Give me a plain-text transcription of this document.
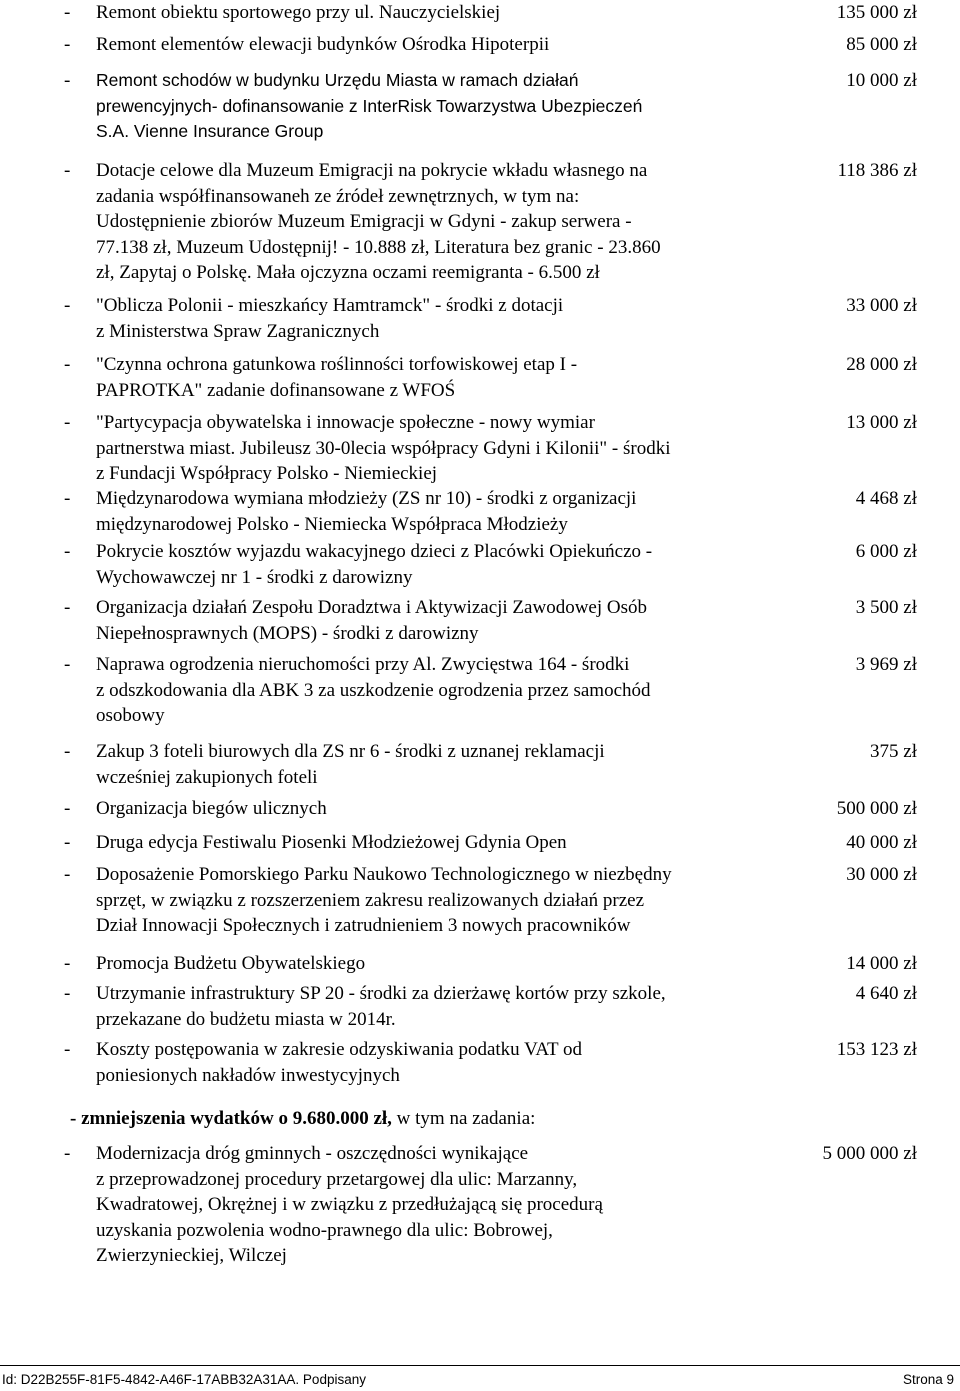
- Remont obiektu sportowego przy ul. Nauczycielskiej	135 000 zł
- Remont elementów elewacji budynków Ośrodka Hipoterpii	85 000 zł
- Remont schodów w budynku Urzędu Miasta w ramach działań
prewencyjnych- dofinansowanie z InterRisk Towarzystwa Ubezpieczeń
S.A. Vienne Insurance Group
10 000 zł
- Dotacje celowe dla Muzeum Emigracji na pokrycie wkładu własnego na
zadania współfinansowaneh ze źródeł zewnętrznych, w tym na:
Udostępnienie zbiorów Muzeum Emigracji w Gdyni - zakup serwera -
77.138 zł, Muzeum Udostępnij! - 10.888 zł, Literatura bez granic - 23.860
zł, Zapytaj o Polskę. Mała ojczyzna oczami reemigranta - 6.500 zł
118 386 zł
- "Oblicza Polonii - mieszkańcy Hamtramck" - środki z dotacji
z Ministerstwa Spraw Zagranicznych
33 000 zł
- "Czynna ochrona gatunkowa roślinności torfowiskowej etap I -
PAPROTKA" zadanie dofinansowane z WFOŚ
28 000 zł
- "Partycypacja obywatelska i innowacje społeczne - nowy wymiar
partnerstwa miast. Jubileusz 30-0lecia współpracy Gdyni i Kilonii" - środki
z Fundacji Współpracy Polsko - Niemieckiej
13 000 zł
- Międzynarodowa wymiana młodzieży (ZS nr 10) - środki z organizacji
międzynarodowej Polsko - Niemiecka Współpraca Młodzieży
4 468 zł
- Pokrycie kosztów wyjazdu wakacyjnego dzieci z Placówki Opiekuńczo -
Wychowawczej nr 1 - środki z darowizny
6 000 zł
- Organizacja działań Zespołu Doradztwa i Aktywizacji Zawodowej Osób
Niepełnosprawnych (MOPS) - środki z darowizny
3 500 zł
- Naprawa ogrodzenia nieruchomości przy Al. Zwycięstwa 164 - środki
z odszkodowania dla ABK 3 za uszkodzenie ogrodzenia przez samochód
osobowy
3 969 zł
- Zakup 3 foteli biurowych dla ZS nr 6 - środki z uznanej reklamacji
wcześniej zakupionych foteli
375 zł
- Organizacja biegów ulicznych	500 000 zł
- Druga edycja Festiwalu Piosenki Młodzieżowej Gdynia Open	40 000 zł
- Doposażenie Pomorskiego Parku Naukowo Technologicznego w niezbędny
sprzęt, w związku z rozszerzeniem zakresu realizowanych działań przez
Dział Innowacji Społecznych i zatrudnieniem 3 nowych pracowników
30 000 zł
- Promocja Budżetu Obywatelskiego	14 000 zł
- Utrzymanie infrastruktury SP 20 - środki za dzierżawę kortów przy szkole,
przekazane do budżetu miasta w 2014r.
4 640 zł
- Koszty postępowania w zakresie odzyskiwania podatku VAT od
poniesionych nakładów inwestycyjnych
153 123 zł
- zmniejszenia wydatków o 9.680.000 zł, w tym na zadania:
- Modernizacja dróg gminnych - oszczędności wynikające
z przeprowadzonej procedury przetargowej dla ulic: Marzanny,
Kwadratowej, Okrężnej i w związku z przedłużającą się procedurą
uzyskania pozwolenia wodno-prawnego dla ulic: Bobrowej,
Zwierzynieckiej, Wilczej
5 000 000 zł
Id: D22B255F-81F5-4842-A46F-17ABB32A31AA. Podpisany	Strona 9
